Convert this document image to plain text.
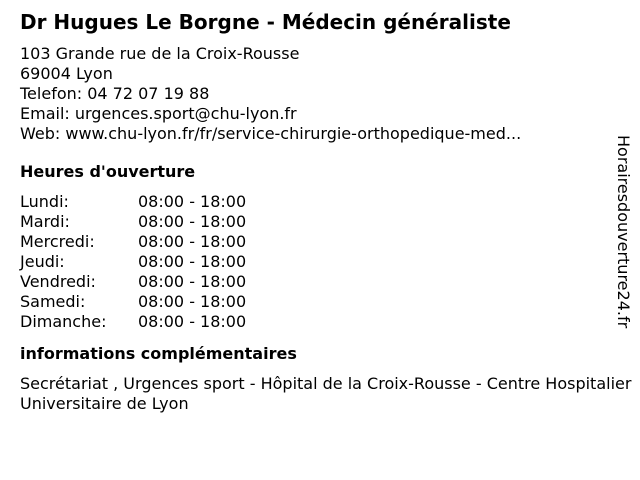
Dr Hugues Le Borgne - Médecin généraliste
103 Grande rue de la Croix-Rousse
69004 Lyon
Telefon: 04 72 07 19 88
Email: urgences.sport@chu-lyon.fr
Web: www.chu-lyon.fr/fr/service-chirurgie-orthopedique-med...
Heures d'ouverture
Lundi:	08:00 - 18:00
Mardi:	08:00 - 18:00
Mercredi:	08:00 - 18:00
Jeudi:	08:00 - 18:00
Vendredi:	08:00 - 18:00
Samedi:	08:00 - 18:00
Dimanche:	08:00 - 18:00
informations complémentaires
Secrétariat , Urgences sport - Hôpital de la Croix-Rousse - Centre Hospitalier Universitaire de Lyon
Horairesdouverture24.fr
